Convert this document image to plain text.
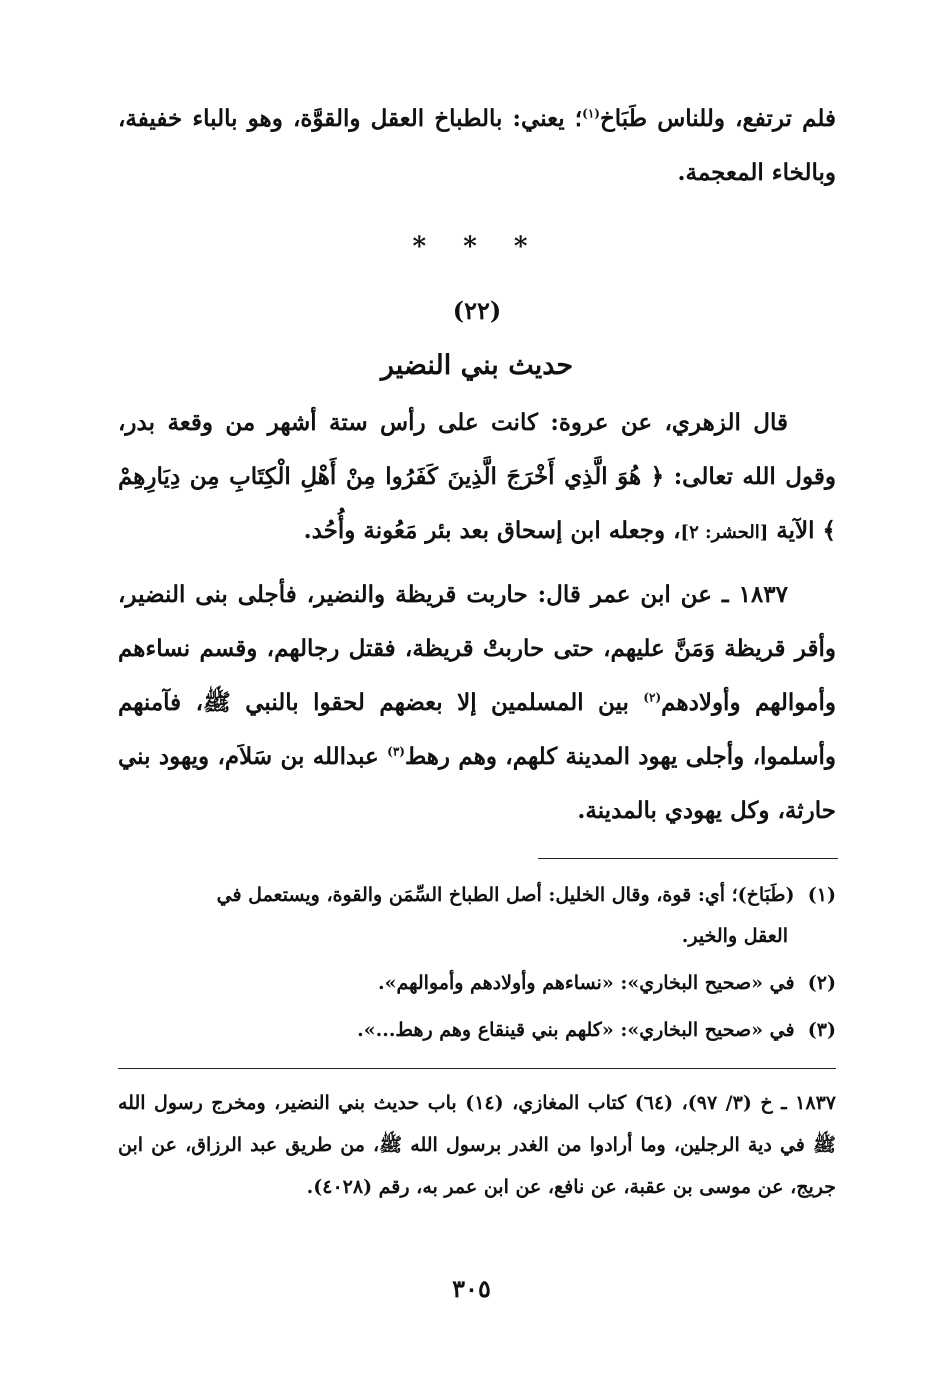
فلم ترتفع، وللناس طَبَاخ$^{(١)}$؛ يعني: بالطباخ العقل والقوَّة، وهو بالباء خفيفة، وبالخاء المعجمة.

* * *
(٢٢)
حديث بني النضير

قال الزهري، عن عروة: كانت على رأس ستة أشهر من وقعة بدر، وقول الله تعالى: ﴿ هُوَ الَّذِي أَخْرَجَ الَّذِينَ كَفَرُوا مِنْ أَهْلِ الْكِتَابِ مِن دِيَارِهِمْ ﴾ الآية [الحشر: ٢]، وجعله ابن إسحاق بعد بئر مَعُونة وأُحُد.

١٨٣٧ ـ عن ابن عمر قال: حاربت قريظة والنضير، فأجلى بنى النضير، وأقر قريظة وَمَنَّ عليهم، حتى حاربتْ قريظة، فقتل رجالهم، وقسم نساءهم وأموالهم وأولادهم$^{(٢)}$ بين المسلمين إلا بعضهم لحقوا بالنبي ﷺ، فآمنهم وأسلموا، وأجلى يهود المدينة كلهم، وهم رهط$^{(٣)}$ عبدالله بن سَلاَم، ويهود بني حارثة، وكل يهودي بالمدينة.

(١)  (طَبَاخ)؛ أي: قوة، وقال الخليل: أصل الطباخ السِّمَن والقوة، ويستعمل في

العقل والخير.

(٢)  في «صحيح البخاري»: «نساءهم وأولادهم وأموالهم».

(٣)  في «صحيح البخاري»: «كلهم بني قينقاع وهم رهط...».

١٨٣٧ ـ خ (٣/ ٩٧)، (٦٤) كتاب المغازي، (١٤) باب حديث بني النضير، ومخرج رسول الله ﷺ في دية الرجلين، وما أرادوا من الغدر برسول الله ﷺ، من طريق عبد الرزاق، عن ابن جريج، عن موسى بن عقبة، عن نافع، عن ابن عمر به، رقم (٤٠٢٨).

٣٠٥
